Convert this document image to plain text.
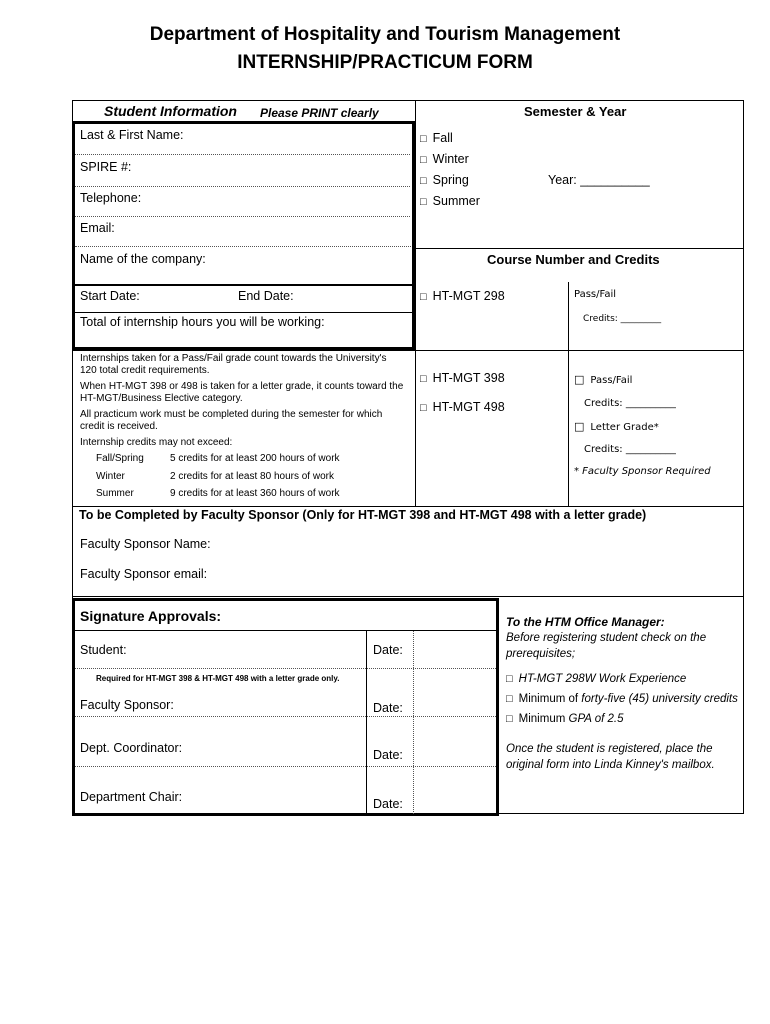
Department of Hospitality and Tourism Management
INTERNSHIP/PRACTICUM FORM
Student Information Please PRINT clearly
Last & First Name:
SPIRE #:
Telephone:
Email:
Name of the company:
Start Date:	End Date:
Total of internship hours you will be working:
Semester & Year
□ Fall
□ Winter
□ Spring
□ Summer
Year: __________
Course Number and Credits
□ HT-MGT 298	Pass/Fail
Credits: _________
□ HT-MGT 398
□ HT-MGT 498
□ Pass/Fail
Credits: __________
□ Letter Grade*
Credits: __________
* Faculty Sponsor Required
Internships taken for a Pass/Fail grade count towards the University's
120 total credit requirements.
When HT-MGT 398 or 498 is taken for a letter grade, it counts toward the
HT-MGT/Business Elective category.
All practicum work must be completed during the semester for which
credit is received.
Internship credits may not exceed:
Fall/Spring	5 credits for at least 200 hours of work
Winter	2 credits for at least 80 hours of work
Summer	9 credits for at least 360 hours of work
To be Completed by Faculty Sponsor (Only for HT-MGT 398 and HT-MGT 498 with a letter grade)
Faculty Sponsor Name:
Faculty Sponsor email:
Signature Approvals:
Student:	Date:
Required for HT-MGT 398 & HT-MGT 498 with a letter grade only.
Faculty Sponsor:	Date:
Dept. Coordinator:	Date:
Department Chair:	Date:
To the HTM Office Manager:
Before registering student check on the
prerequisites;
□ HT-MGT 298W Work Experience
□ Minimum of forty-five (45) university credits
□ Minimum GPA of 2.5
Once the student is registered, place the
original form into Linda Kinney's mailbox.
